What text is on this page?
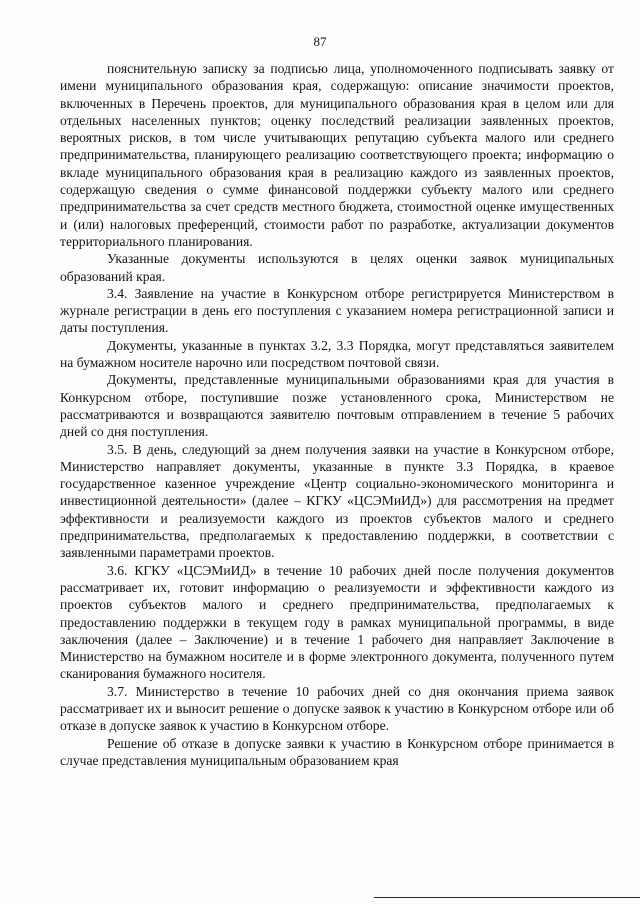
87

пояснительную записку за подписью лица, уполномоченного подписывать заявку от имени муниципального образования края, содержащую: описание значимости проектов, включенных в Перечень проектов, для муниципального образования края в целом или для отдельных населенных пунктов; оценку последствий реализации заявленных проектов, вероятных рисков, в том числе учитывающих репутацию субъекта малого или среднего предпринимательства, планирующего реализацию соответствующего проекта; информацию о вкладе муниципального образования края в реализацию каждого из заявленных проектов, содержащую сведения о сумме финансовой поддержки субъекту малого или среднего предпринимательства за счет средств местного бюджета, стоимостной оценке имущественных и (или) налоговых преференций, стоимости работ по разработке, актуализации документов территориального планирования.

Указанные документы используются в целях оценки заявок муниципальных образований края.

3.4. Заявление на участие в Конкурсном отборе регистрируется Министерством в журнале регистрации в день его поступления с указанием номера регистрационной записи и даты поступления.

Документы, указанные в пунктах 3.2, 3.3 Порядка, могут представляться заявителем на бумажном носителе нарочно или посредством почтовой связи.

Документы, представленные муниципальными образованиями края для участия в Конкурсном отборе, поступившие позже установленного срока, Министерством не рассматриваются и возвращаются заявителю почтовым отправлением в течение 5 рабочих дней со дня поступления.

3.5. В день, следующий за днем получения заявки на участие в Конкурсном отборе, Министерство направляет документы, указанные в пункте 3.3 Порядка, в краевое государственное казенное учреждение «Центр социально-экономического мониторинга и инвестиционной деятельности» (далее – КГКУ «ЦСЭМиИД») для рассмотрения на предмет эффективности и реализуемости каждого из проектов субъектов малого и среднего предпринимательства, предполагаемых к предоставлению поддержки, в соответствии с заявленными параметрами проектов.

3.6. КГКУ «ЦСЭМиИД» в течение 10 рабочих дней после получения документов рассматривает их, готовит информацию о реализуемости и эффективности каждого из проектов субъектов малого и среднего предпринимательства, предполагаемых к предоставлению поддержки в текущем году в рамках муниципальной программы, в виде заключения (далее – Заключение) и в течение 1 рабочего дня направляет Заключение в Министерство на бумажном носителе и в форме электронного документа, полученного путем сканирования бумажного носителя.

3.7. Министерство в течение 10 рабочих дней со дня окончания приема заявок рассматривает их и выносит решение о допуске заявок к участию в Конкурсном отборе или об отказе в допуске заявок к участию в Конкурсном отборе.

Решение об отказе в допуске заявки к участию в Конкурсном отборе принимается в случае представления муниципальным образованием края
